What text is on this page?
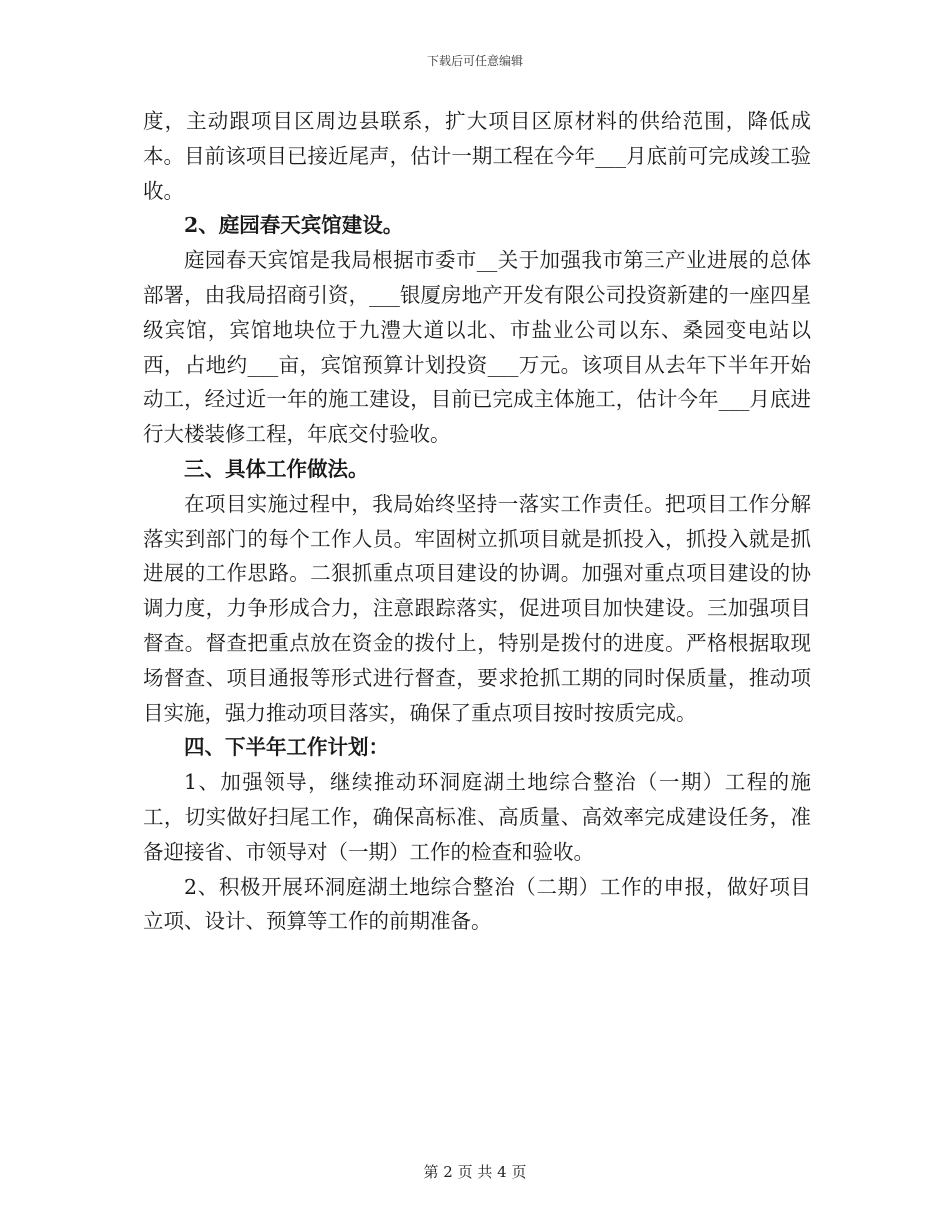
下载后可任意编辑

度，主动跟项目区周边县联系，扩大项目区原材料的供给范围，降低成本。目前该项目已接近尾声，估计一期工程在今年___月底前可完成竣工验收。

2、庭园春天宾馆建设。

庭园春天宾馆是我局根据市委市__关于加强我市第三产业进展的总体部署，由我局招商引资，___银厦房地产开发有限公司投资新建的一座四星级宾馆，宾馆地块位于九澧大道以北、市盐业公司以东、桑园变电站以西，占地约___亩，宾馆预算计划投资___万元。该项目从去年下半年开始动工，经过近一年的施工建设，目前已完成主体施工，估计今年___月底进行大楼装修工程，年底交付验收。

三、具体工作做法。

在项目实施过程中，我局始终坚持一落实工作责任。把项目工作分解落实到部门的每个工作人员。牢固树立抓项目就是抓投入，抓投入就是抓进展的工作思路。二狠抓重点项目建设的协调。加强对重点项目建设的协调力度，力争形成合力，注意跟踪落实，促进项目加快建设。三加强项目督查。督查把重点放在资金的拨付上，特别是拨付的进度。严格根据取现场督查、项目通报等形式进行督查，要求抢抓工期的同时保质量，推动项目实施，强力推动项目落实，确保了重点项目按时按质完成。

四、下半年工作计划：

1、加强领导，继续推动环洞庭湖土地综合整治（一期）工程的施工，切实做好扫尾工作，确保高标准、高质量、高效率完成建设任务，准备迎接省、市领导对（一期）工作的检查和验收。

2、积极开展环洞庭湖土地综合整治（二期）工作的申报，做好项目立项、设计、预算等工作的前期准备。

第 2 页 共 4 页
